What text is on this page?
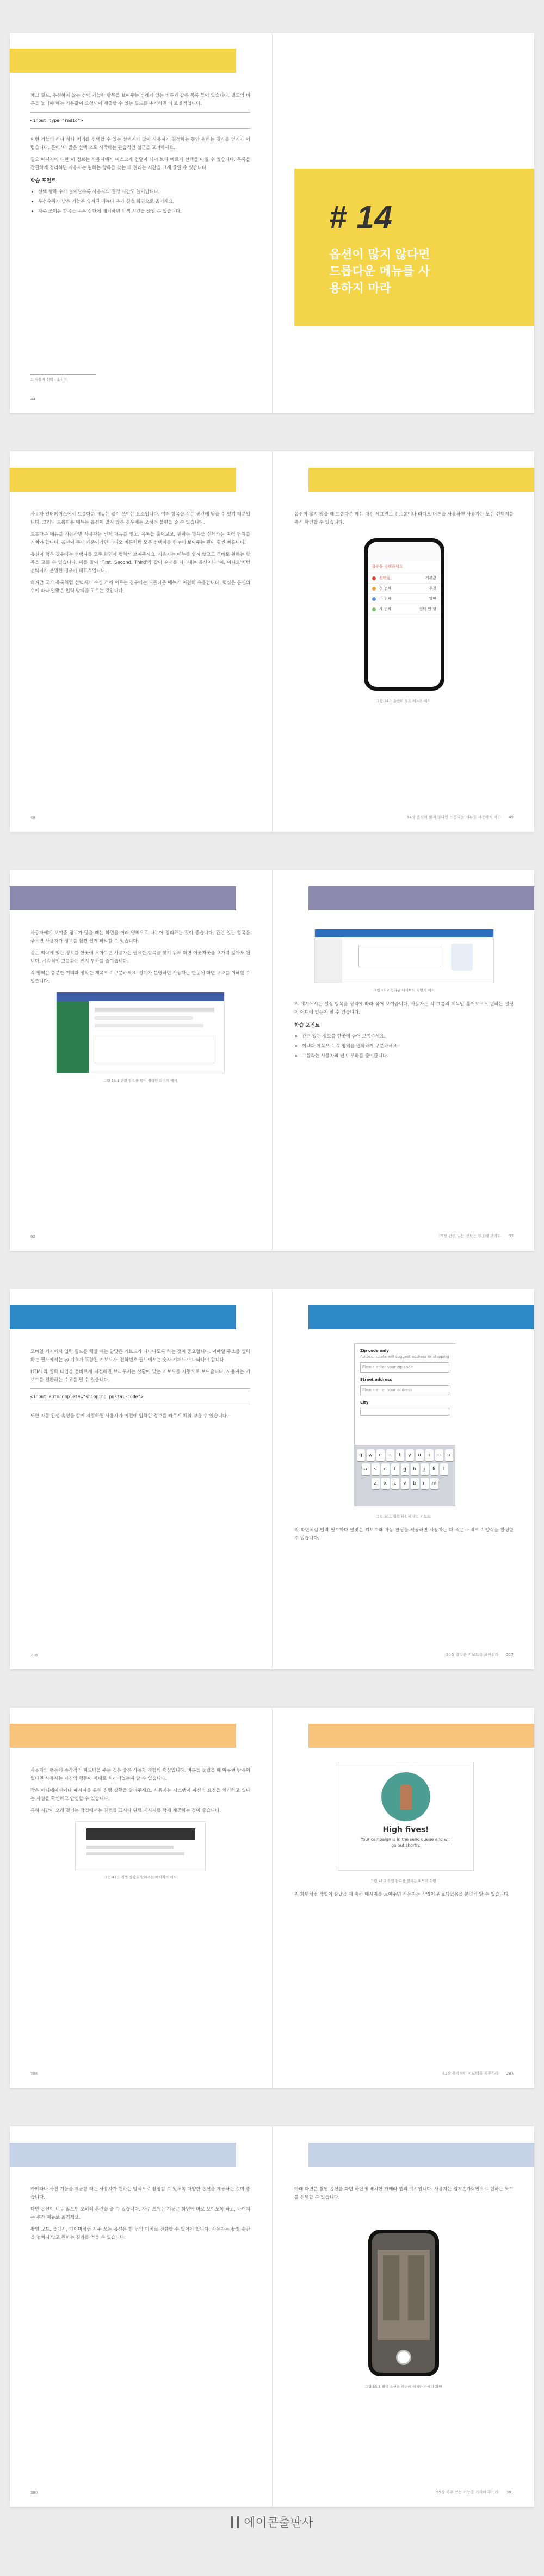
체크 필드, 추천하지 않는 선택 가능한 항목을 보여주는 범례가 있는 버튼과 같은 목록 등이 있습니다. 별도의 버튼을 눌러야 하는 기본값이 요청되어 제출할 수 있는 필드를 추가하면 더 효율적입니다.

<input type="radio">

이런 기능의 하나 하나 처리를 선택할 수 있는 선택지가 많아 사용자가 결정하는 동안 원하는 결과를 얻기가 어렵습니다. 흔히 '더 많은 선택'으로 시작하는 관습적인 접근을 고려하세요.

필요 메시지에 대한 이 정보는 사용자에게 매스크게 전달이 되며 보다 빠르게 선택을 마칠 수 있습니다. 목록을 간결하게 정리하면 사용자는 원하는 항목을 찾는 데 걸리는 시간을 크게 줄일 수 있습니다.

학습 포인트
• 선택 항목 수가 늘어날수록 사용자의 결정 시간도 늘어납니다.
• 우선순위가 낮은 기능은 숨겨진 메뉴나 추가 설정 화면으로 옮기세요.
• 자주 쓰이는 항목을 목록 상단에 배치하면 탐색 시간을 줄일 수 있습니다.
1. 사용자 선택 - 옮긴이
44
# 14
옵션이 많지 않다면 드롭다운 메뉴를 사용하지 마라

사용자 인터페이스에서 드롭다운 메뉴는 많이 쓰이는 요소입니다. 여러 항목을 작은 공간에 담을 수 있기 때문입니다. 그러나 드롭다운 메뉴는 옵션이 많지 않은 경우에는 오히려 불편을 줄 수 있습니다.

드롭다운 메뉴를 사용하면 사용자는 먼저 메뉴를 열고, 목록을 훑어보고, 원하는 항목을 선택하는 여러 단계를 거쳐야 합니다. 옵션이 두세 개뿐이라면 라디오 버튼처럼 모든 선택지를 한눈에 보여주는 편이 훨씬 빠릅니다.

옵션이 적은 경우에는 선택지를 모두 화면에 펼쳐서 보여주세요. 사용자는 메뉴를 열지 않고도 곧바로 원하는 항목을 고를 수 있습니다. 예를 들어 'First, Second, Third'와 같이 순서를 나타내는 옵션이나 '예, 아니오'처럼 선택지가 분명한 경우가 대표적입니다.

하지만 국가 목록처럼 선택지가 수십 개에 이르는 경우에는 드롭다운 메뉴가 여전히 유용합니다. 핵심은 옵션의 수에 따라 알맞은 입력 방식을 고르는 것입니다.

48

옵션이 많지 않을 때 드롭다운 메뉴 대신 세그먼트 컨트롤이나 라디오 버튼을 사용하면 사용자는 모든 선택지를 즉시 확인할 수 있습니다.

옵션을 선택하세요
선택됨	기본값
첫 번째	추천
두 번째	일반
세 번째	선택 안 함
그림 14.1 옵션이 적은 메뉴의 예시
14장 옵션이 많지 않다면 드롭다운 메뉴를 사용하지 마라 49

사용자에게 보여줄 정보가 많을 때는 화면을 여러 영역으로 나누어 정리하는 것이 좋습니다. 관련 있는 항목을 묶으면 사용자가 정보를 훨씬 쉽게 파악할 수 있습니다.

같은 맥락에 있는 정보를 한곳에 모아두면 사용자는 필요한 항목을 찾기 위해 화면 이곳저곳을 오가지 않아도 됩니다. 시각적인 그룹화는 인지 부하를 줄여줍니다.

각 영역은 충분한 여백과 명확한 제목으로 구분하세요. 경계가 분명하면 사용자는 한눈에 화면 구조를 이해할 수 있습니다.

그림 15.1 관련 항목을 묶어 정리한 화면의 예시
92
그림 15.2 정리된 대시보드 화면의 예시

위 예시에서는 설정 항목을 성격에 따라 묶어 보여줍니다. 사용자는 각 그룹의 제목만 훑어보고도 원하는 설정이 어디에 있는지 알 수 있습니다.

학습 포인트
• 관련 있는 정보를 한곳에 묶어 보여주세요.
• 여백과 제목으로 각 영역을 명확하게 구분하세요.
• 그룹화는 사용자의 인지 부하를 줄여줍니다.
15장 관련 있는 정보는 한곳에 모아라 93

모바일 기기에서 입력 필드를 채울 때는 알맞은 키보드가 나타나도록 하는 것이 중요합니다. 이메일 주소를 입력하는 필드에서는 @ 기호가 포함된 키보드가, 전화번호 필드에서는 숫자 키패드가 나타나야 합니다.

HTML의 입력 타입을 올바르게 지정하면 브라우저는 상황에 맞는 키보드를 자동으로 보여줍니다. 사용자는 키보드를 전환하는 수고를 덜 수 있습니다.

<input autocomplete="shipping postal-code">

또한 자동 완성 속성을 함께 지정하면 사용자가 이전에 입력한 정보를 빠르게 채워 넣을 수 있습니다.

216
Zip code only
Autocomplete will suggest address or shipping
Please enter your zip code
Street address
Please enter your address
City
q	w	e	r	t	y	u	i	o	p
a	s	d	f	g	h	j	k	l
z	x	c	v	b	n	m
그림 30.1 입력 타입에 맞는 키보드

위 화면처럼 입력 필드마다 알맞은 키보드와 자동 완성을 제공하면 사용자는 더 적은 노력으로 양식을 완성할 수 있습니다.

30장 알맞은 키보드를 보여줘라 217

사용자의 행동에 즉각적인 피드백을 주는 것은 좋은 사용자 경험의 핵심입니다. 버튼을 눌렀을 때 아무런 반응이 없다면 사용자는 자신의 행동이 제대로 처리되었는지 알 수 없습니다.

작은 애니메이션이나 메시지를 통해 진행 상황을 알려주세요. 사용자는 시스템이 자신의 요청을 처리하고 있다는 사실을 확인하고 안심할 수 있습니다.

특히 시간이 오래 걸리는 작업에서는 진행률 표시나 완료 메시지를 함께 제공하는 것이 좋습니다.

그림 41.1 진행 상황을 알려주는 메시지의 예시
286
High fives!
Your campaign is in the send queue and will go out shortly.
그림 41.2 작업 완료를 알리는 피드백 화면

위 화면처럼 작업이 끝났을 때 축하 메시지를 보여주면 사용자는 작업이 완료되었음을 분명히 알 수 있습니다.

41장 즉각적인 피드백을 제공하라 287

카메라나 사진 기능을 제공할 때는 사용자가 원하는 방식으로 촬영할 수 있도록 다양한 옵션을 제공하는 것이 좋습니다.

다만 옵션이 너무 많으면 오히려 혼란을 줄 수 있습니다. 자주 쓰이는 기능은 화면에 바로 보이도록 하고, 나머지는 추가 메뉴로 옮기세요.

촬영 모드, 플래시, 타이머처럼 자주 쓰는 옵션은 한 번의 터치로 전환할 수 있어야 합니다. 사용자는 촬영 순간을 놓치지 않고 원하는 결과를 얻을 수 있습니다.

380

아래 화면은 촬영 옵션을 화면 하단에 배치한 카메라 앱의 예시입니다. 사용자는 엄지손가락만으로 원하는 모드를 선택할 수 있습니다.

그림 55.1 촬영 옵션을 하단에 배치한 카메라 화면
55장 자주 쓰는 기능을 가까이 두어라 381
에이콘출판사
